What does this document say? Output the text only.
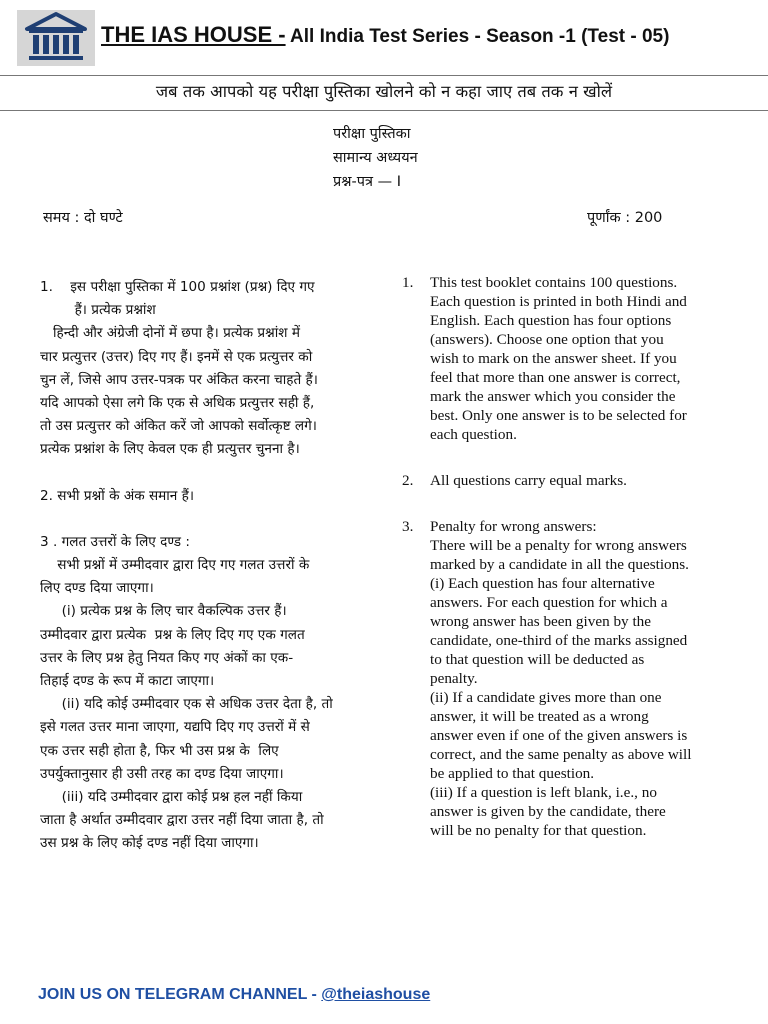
THE IAS HOUSE - All India Test Series - Season -1 (Test - 05)
जब तक आपको यह परीक्षा पुस्तिका खोलने को न कहा जाए तब तक न खोलें
परीक्षा पुस्तिका
सामान्य अध्ययन
प्रश्न-पत्र — I
समय : दो घण्टे	पूर्णांक : 200

1.    इस परीक्षा पुस्तिका में 100 प्रश्नांश (प्रश्न) दिए गए

हैं। प्रत्येक प्रश्नांश

हिन्दी और अंग्रेजी दोनों में छपा है। प्रत्येक प्रश्नांश में

चार प्रत्युत्तर (उत्तर) दिए गए हैं। इनमें से एक प्रत्युत्तर को

चुन लें, जिसे आप उत्तर-पत्रक पर अंकित करना चाहते हैं।

यदि आपको ऐसा लगे कि एक से अधिक प्रत्युत्तर सही हैं,

तो उस प्रत्युत्तर को अंकित करें जो आपको सर्वोत्कृष्ट लगे।

प्रत्येक प्रश्नांश के लिए केवल एक ही प्रत्युत्तर चुनना है।

2. सभी प्रश्नों के अंक समान हैं।

3 . गलत उत्तरों के लिए दण्ड :

सभी प्रश्नों में उम्मीदवार द्वारा दिए गए गलत उत्तरों के

लिए दण्ड दिया जाएगा।

(i) प्रत्येक प्रश्न के लिए चार वैकल्पिक उत्तर हैं।

उम्मीदवार द्वारा प्रत्येक  प्रश्न के लिए दिए गए एक गलत

उत्तर के लिए प्रश्न हेतु नियत किए गए अंकों का एक-

तिहाई दण्ड के रूप में काटा जाएगा।

(ii) यदि कोई उम्मीदवार एक से अधिक उत्तर देता है, तो

इसे गलत उत्तर माना जाएगा, यद्यपि दिए गए उत्तरों में से

एक उत्तर सही होता है, फिर भी उस प्रश्न के  लिए

उपर्युक्तानुसार ही उसी तरह का दण्ड दिया जाएगा।

(iii) यदि उम्मीदवार द्वारा कोई प्रश्न हल नहीं किया

जाता है अर्थात उम्मीदवार द्वारा उत्तर नहीं दिया जाता है, तो

उस प्रश्न के लिए कोई दण्ड नहीं दिया जाएगा।

1.	This test booklet contains 100 questions.
Each question is printed in both Hindi and
English. Each question has four options
(answers). Choose one option that you
wish to mark on the answer sheet. If you
feel that more than one answer is correct,
mark the answer which you consider the
best. Only one answer is to be selected for
each question.
2.	All questions carry equal marks.
3.	Penalty for wrong answers:
There will be a penalty for wrong answers
marked by a candidate in all the questions.
(i) Each question has four alternative
answers. For each question for which a
wrong answer has been given by the
candidate, one-third of the marks assigned
to that question will be deducted as
penalty.
(ii) If a candidate gives more than one
answer, it will be treated as a wrong
answer even if one of the given answers is
correct, and the same penalty as above will
be applied to that question.
(iii) If a question is left blank, i.e., no
answer is given by the candidate, there
will be no penalty for that question.
JOIN US ON TELEGRAM CHANNEL - @theiashouse
